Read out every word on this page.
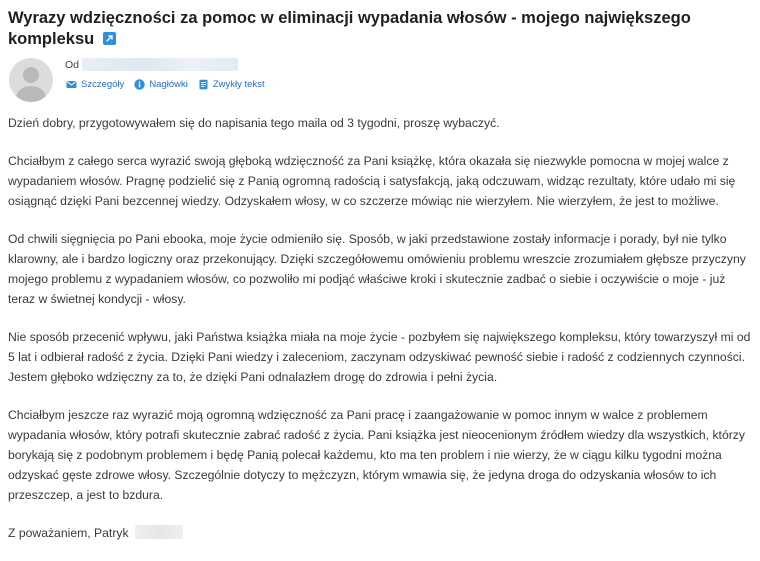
Wyrazy wdzięczności za pomoc w eliminacji wypadania włosów - mojego największego kompleksu
Od
Szczegóły	Nagłówki	Zwykły tekst

Dzień dobry, przygotowywałem się do napisania tego maila od 3 tygodni, proszę wybaczyć.

Chciałbym z całego serca wyrazić swoją głęboką wdzięczność za Pani książkę, która okazała się niezwykle pomocna w mojej walce z wypadaniem włosów. Pragnę podzielić się z Panią ogromną radością i satysfakcją, jaką odczuwam, widząc rezultaty, które udało mi się osiągnąć dzięki Pani bezcennej wiedzy. Odzyskałem włosy, w co szczerze mówiąc nie wierzyłem. Nie wierzyłem, że jest to możliwe.

Od chwili sięgnięcia po Pani ebooka, moje życie odmieniło się. Sposób, w jaki przedstawione zostały informacje i porady, był nie tylko klarowny, ale i bardzo logiczny oraz przekonujący. Dzięki szczegółowemu omówieniu problemu wreszcie zrozumiałem głębsze przyczyny mojego problemu z wypadaniem włosów, co pozwoliło mi podjąć właściwe kroki i skutecznie zadbać o siebie i oczywiście o moje - już teraz w świetnej kondycji - włosy.

Nie sposób przecenić wpływu, jaki Państwa książka miała na moje życie - pozbyłem się największego kompleksu, który towarzyszył mi od 5 lat i odbierał radość z życia. Dzięki Pani wiedzy i zaleceniom, zaczynam odzyskiwać pewność siebie i radość z codziennych czynności. Jestem głęboko wdzięczny za to, że dzięki Pani odnalazłem drogę do zdrowia i pełni życia.

Chciałbym jeszcze raz wyrazić moją ogromną wdzięczność za Pani pracę i zaangażowanie w pomoc innym w walce z problemem wypadania włosów, który potrafi skutecznie zabrać radość z życia. Pani książka jest nieocenionym źródłem wiedzy dla wszystkich, którzy borykają się z podobnym problemem i będę Panią polecał każdemu, kto ma ten problem i nie wierzy, że w ciągu kilku tygodni można odzyskać gęste zdrowe włosy. Szczególnie dotyczy to mężczyzn, którym wmawia się, że jedyna droga do odzyskania włosów to ich przeszczep, a jest to bzdura.

Z poważaniem, Patryk
